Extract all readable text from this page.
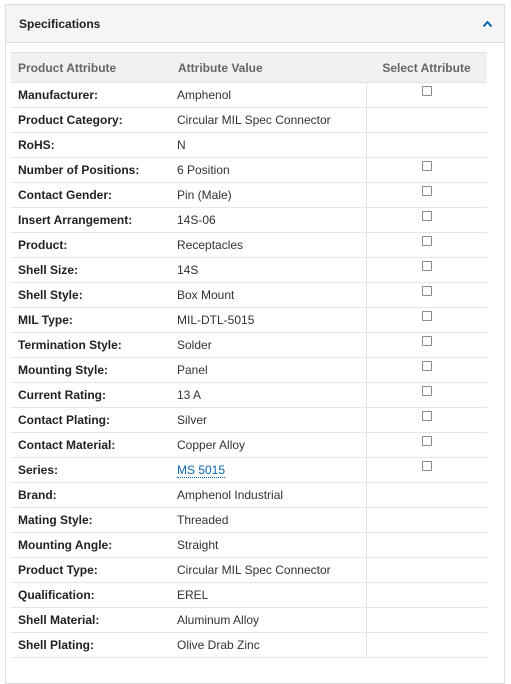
Specifications
Product Attribute	Attribute Value	Select Attribute
Manufacturer:	Amphenol	
Product Category:	Circular MIL Spec Connector	
RoHS:	N	
Number of Positions:	6 Position	
Contact Gender:	Pin (Male)	
Insert Arrangement:	14S-06	
Product:	Receptacles	
Shell Size:	14S	
Shell Style:	Box Mount	
MIL Type:	MIL-DTL-5015	
Termination Style:	Solder	
Mounting Style:	Panel	
Current Rating:	13 A	
Contact Plating:	Silver	
Contact Material:	Copper Alloy	
Series:	MS 5015	
Brand:	Amphenol Industrial	
Mating Style:	Threaded	
Mounting Angle:	Straight	
Product Type:	Circular MIL Spec Connector	
Qualification:	EREL	
Shell Material:	Aluminum Alloy	
Shell Plating:	Olive Drab Zinc	
